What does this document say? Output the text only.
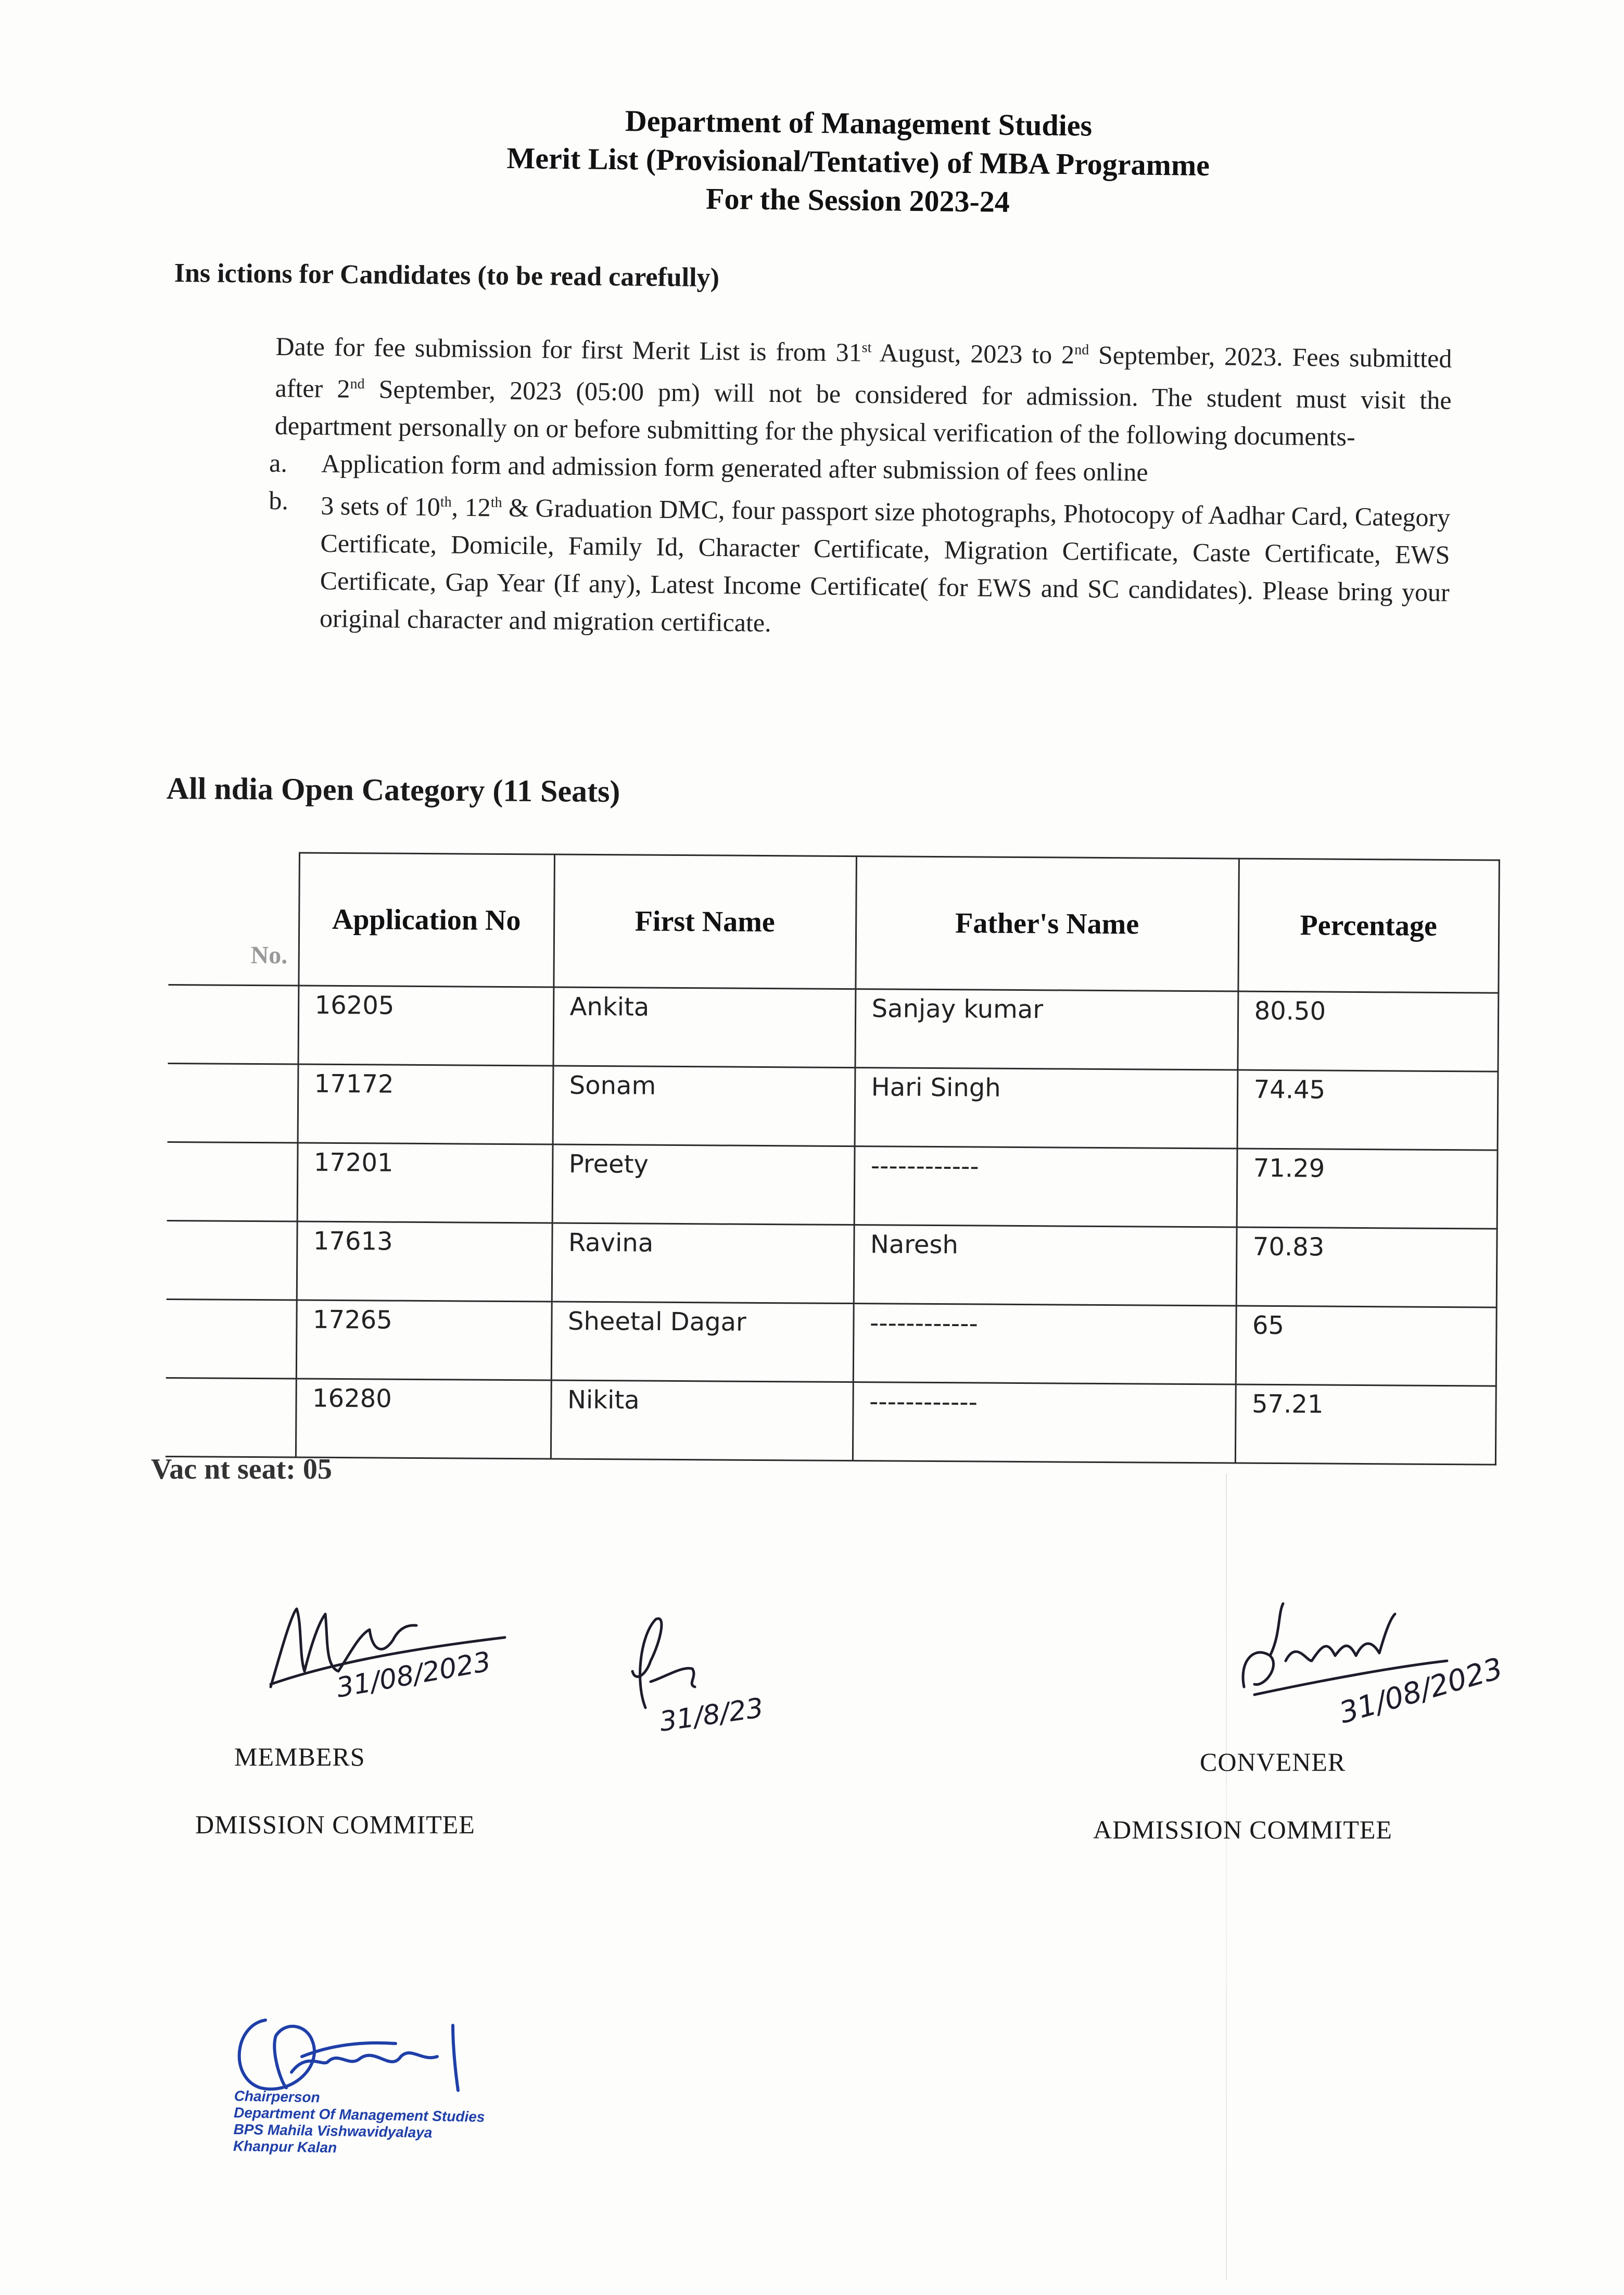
Department of Management Studies
Merit List (Provisional/Tentative) of MBA Programme
For the Session 2023-24
Ins ictions for Candidates (to be read carefully)

Date for fee submission for first Merit List is from 31st August, 2023 to 2nd September, 2023. Fees submitted after 2nd September, 2023 (05:00 pm) will not be considered for admission. The student must visit the department personally on or before submitting for the physical verification of the following documents-

a. Application form and admission form generated after submission of fees online
b. 3 sets of 10th, 12th & Graduation DMC, four passport size photographs, Photocopy of Aadhar Card, Category Certificate, Domicile, Family Id, Character Certificate, Migration Certificate, Caste Certificate, EWS Certificate, Gap Year (If any), Latest Income Certificate( for EWS and SC candidates). Please bring your original character and migration certificate.
All ndia Open Category (11 Seats)
No.	Application No	First Name	Father's Name	Percentage
	16205	Ankita	Sanjay kumar	80.50
	17172	Sonam	Hari Singh	74.45
	17201	Preety	------------	71.29
	17613	Ravina	Naresh	70.83
	17265	Sheetal Dagar	------------	65
	16280	Nikita	------------	57.21
Vac nt seat: 05
31/08/2023
31/8/23	31/08/2023
MEMBERS
DMISSION COMMITEE
CONVENER
ADMISSION COMMITEE
Chairperson
Department Of Management Studies
BPS Mahila Vishwavidyalaya
Khanpur Kalan
